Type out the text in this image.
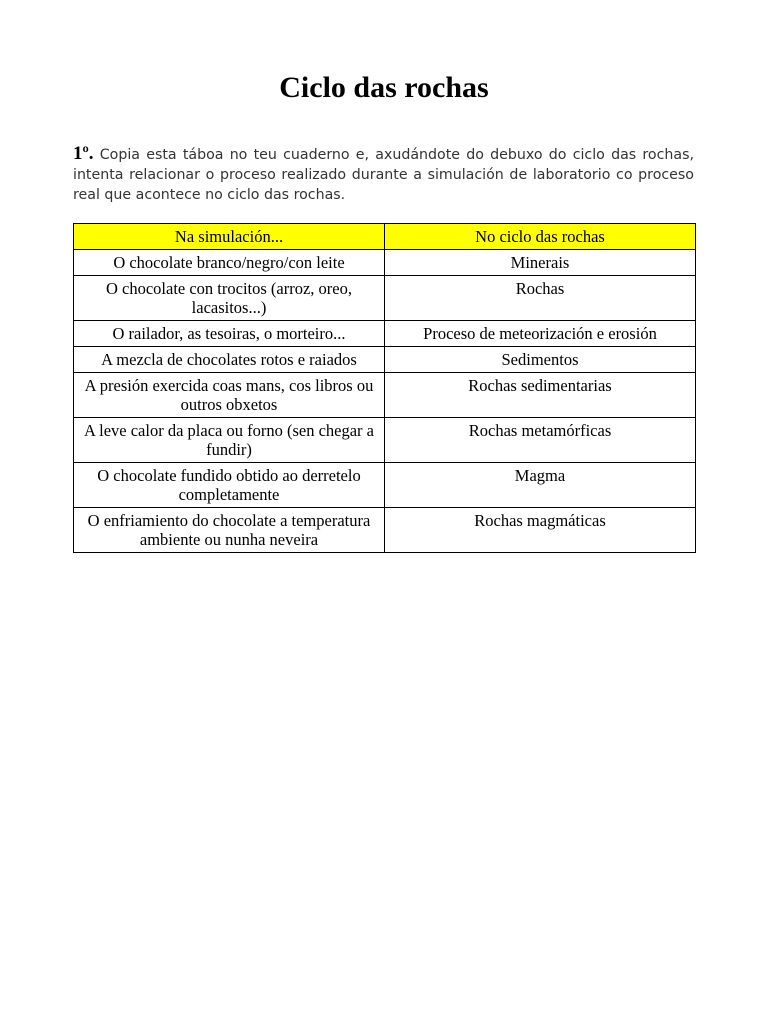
Ciclo das rochas

1º. Copia esta táboa no teu cuaderno e, axudándote do debuxo do ciclo das rochas, intenta relacionar o proceso realizado durante a simulación de laboratorio co proceso real que acontece no ciclo das rochas.

Na simulación...	No ciclo das rochas
O chocolate branco/negro/con leite	Minerais
O chocolate con trocitos (arroz, oreo, lacasitos...)	Rochas
O railador, as tesoiras, o morteiro...	Proceso de meteorización e erosión
A mezcla de chocolates rotos e raiados	Sedimentos
A presión exercida coas mans, cos libros ou outros obxetos	Rochas sedimentarias
A leve calor da placa ou forno (sen chegar a fundir)	Rochas metamórficas
O chocolate fundido obtido ao derretelo completamente	Magma
O enfriamiento do chocolate a temperatura ambiente ou nunha neveira	Rochas magmáticas
